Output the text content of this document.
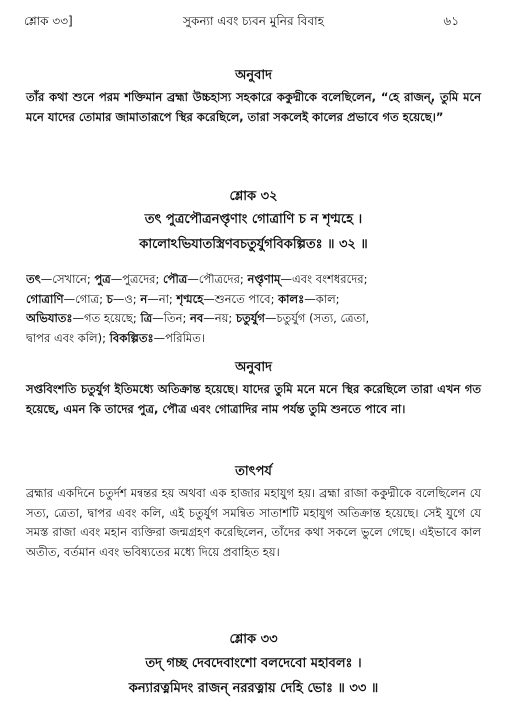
শ্লোক ৩৩]	সুকন্যা এবং চ্যবন মুনির বিবাহ	৬১
অনুবাদ
তাঁর কথা শুনে পরম শক্তিমান ব্রহ্মা উচ্চহাস্য সহকারে ককুদ্মীকে বলেছিলেন, “হে রাজন্, তুমি মনে মনে যাদের তোমার জামাতারূপে স্থির করেছিলে, তারা সকলেই কালের প্রভাবে গত হয়েছে।”
শ্লোক ৩২
তৎ পুত্রপৌত্রনপ্তৃণাং গোত্রাণি চ ন শৃণ্মহে ।
কালোঽভিযাতস্ত্রিণবচতুর্যুগবিকল্পিতঃ ॥ ৩২ ॥
তৎ—সেখানে; পুত্র—পুত্রদের; পৌত্র—পৌত্রদের; নপ্তৃণাম্—এবং বংশধরদের;
গোত্রাণি—গোত্র; চ—ও; ন—না; শৃণ্মহে—শুনতে পাবে; কালঃ—কাল;
অভিযাতঃ—গত হয়েছে; ত্রি—তিন; নব—নয়; চতুর্যুগ—চতুর্যুগ (সত্য, ত্রেতা,
দ্বাপর এবং কলি); বিকল্পিতঃ—পরিমিত।
অনুবাদ
সপ্তবিংশতি চতুর্যুগ ইতিমধ্যে অতিক্রান্ত হয়েছে। যাদের তুমি মনে মনে স্থির করেছিলে তারা এখন গত হয়েছে, এমন কি তাদের পুত্র, পৌত্র এবং গোত্রাদির নাম পর্যন্ত তুমি শুনতে পাবে না।
তাৎপর্য
ব্রহ্মার একদিনে চতুর্দশ মন্বন্তর হয় অথবা এক হাজার মহাযুগ হয়। ব্রহ্মা রাজা ককুদ্মীকে বলেছিলেন যে সত্য, ত্রেতা, দ্বাপর এবং কলি, এই চতুর্যুগ সমন্বিত সাতাশটি মহাযুগ অতিক্রান্ত হয়েছে। সেই যুগে যে সমস্ত রাজা এবং মহান ব্যক্তিরা জন্মগ্রহণ করেছিলেন, তাঁদের কথা সকলে ভুলে গেছে। এইভাবে কাল অতীত, বর্তমান এবং ভবিষ্যতের মধ্যে দিয়ে প্রবাহিত হয়।
শ্লোক ৩৩
তদ্ গচ্ছ দেবদেবাংশো বলদেবো মহাবলঃ ।
কন্যারত্নমিদং রাজন্ নররত্নায় দেহি ভোঃ ॥ ৩৩ ॥
